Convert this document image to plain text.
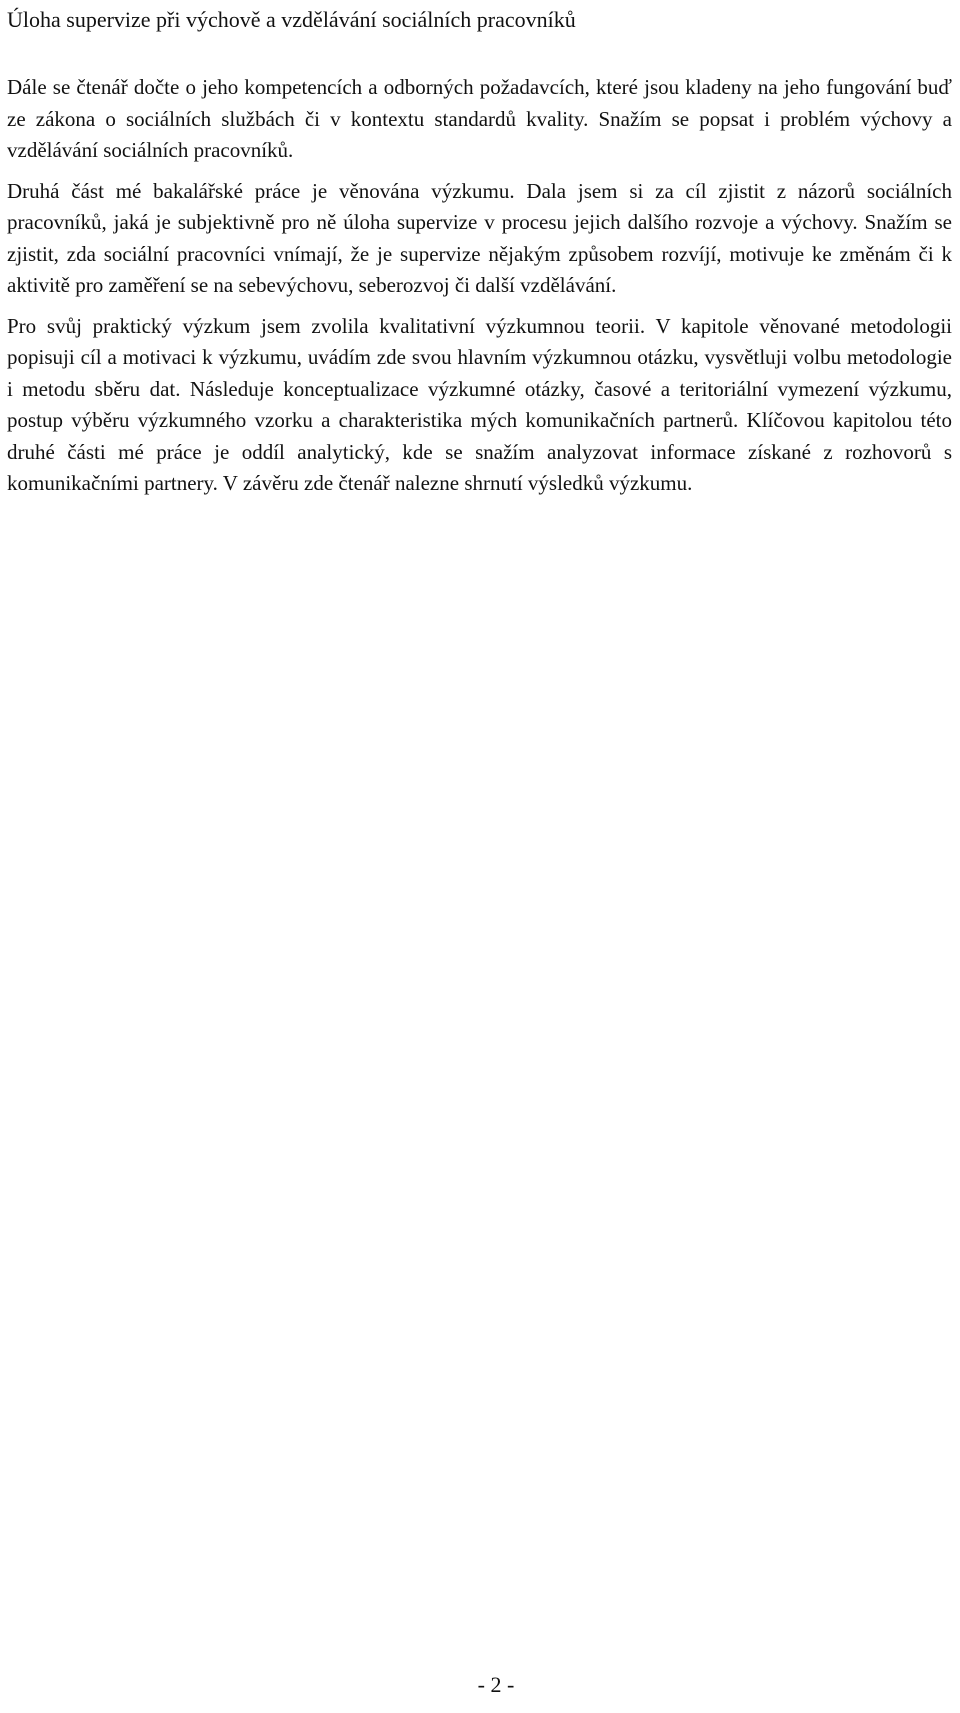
Úloha supervize při výchově a vzdělávání sociálních pracovníků

Dále se čtenář dočte o jeho kompetencích a odborných požadavcích, které jsou kladeny na jeho fungování buď ze zákona o sociálních službách či v kontextu standardů kvality. Snažím se popsat i problém výchovy a vzdělávání sociálních pracovníků.

Druhá část mé bakalářské práce je věnována výzkumu. Dala jsem si za cíl zjistit z názorů sociálních pracovníků, jaká je subjektivně pro ně úloha supervize v procesu jejich dalšího rozvoje a výchovy. Snažím se zjistit, zda sociální pracovníci vnímají, že je supervize nějakým způsobem rozvíjí, motivuje ke změnám či k aktivitě pro zaměření se na sebevýchovu, seberozvoj či další vzdělávání.

Pro svůj praktický výzkum jsem zvolila kvalitativní výzkumnou teorii. V kapitole věnované metodologii popisuji cíl a motivaci k výzkumu, uvádím zde svou hlavním výzkumnou otázku, vysvětluji volbu metodologie i metodu sběru dat. Následuje konceptualizace výzkumné otázky, časové a teritoriální vymezení výzkumu, postup výběru výzkumného vzorku a charakteristika mých komunikačních partnerů. Klíčovou kapitolou této druhé části mé práce je oddíl analytický, kde se snažím analyzovat informace získané z rozhovorů s komunikačními partnery. V závěru zde čtenář nalezne shrnutí výsledků výzkumu.

- 2 -
